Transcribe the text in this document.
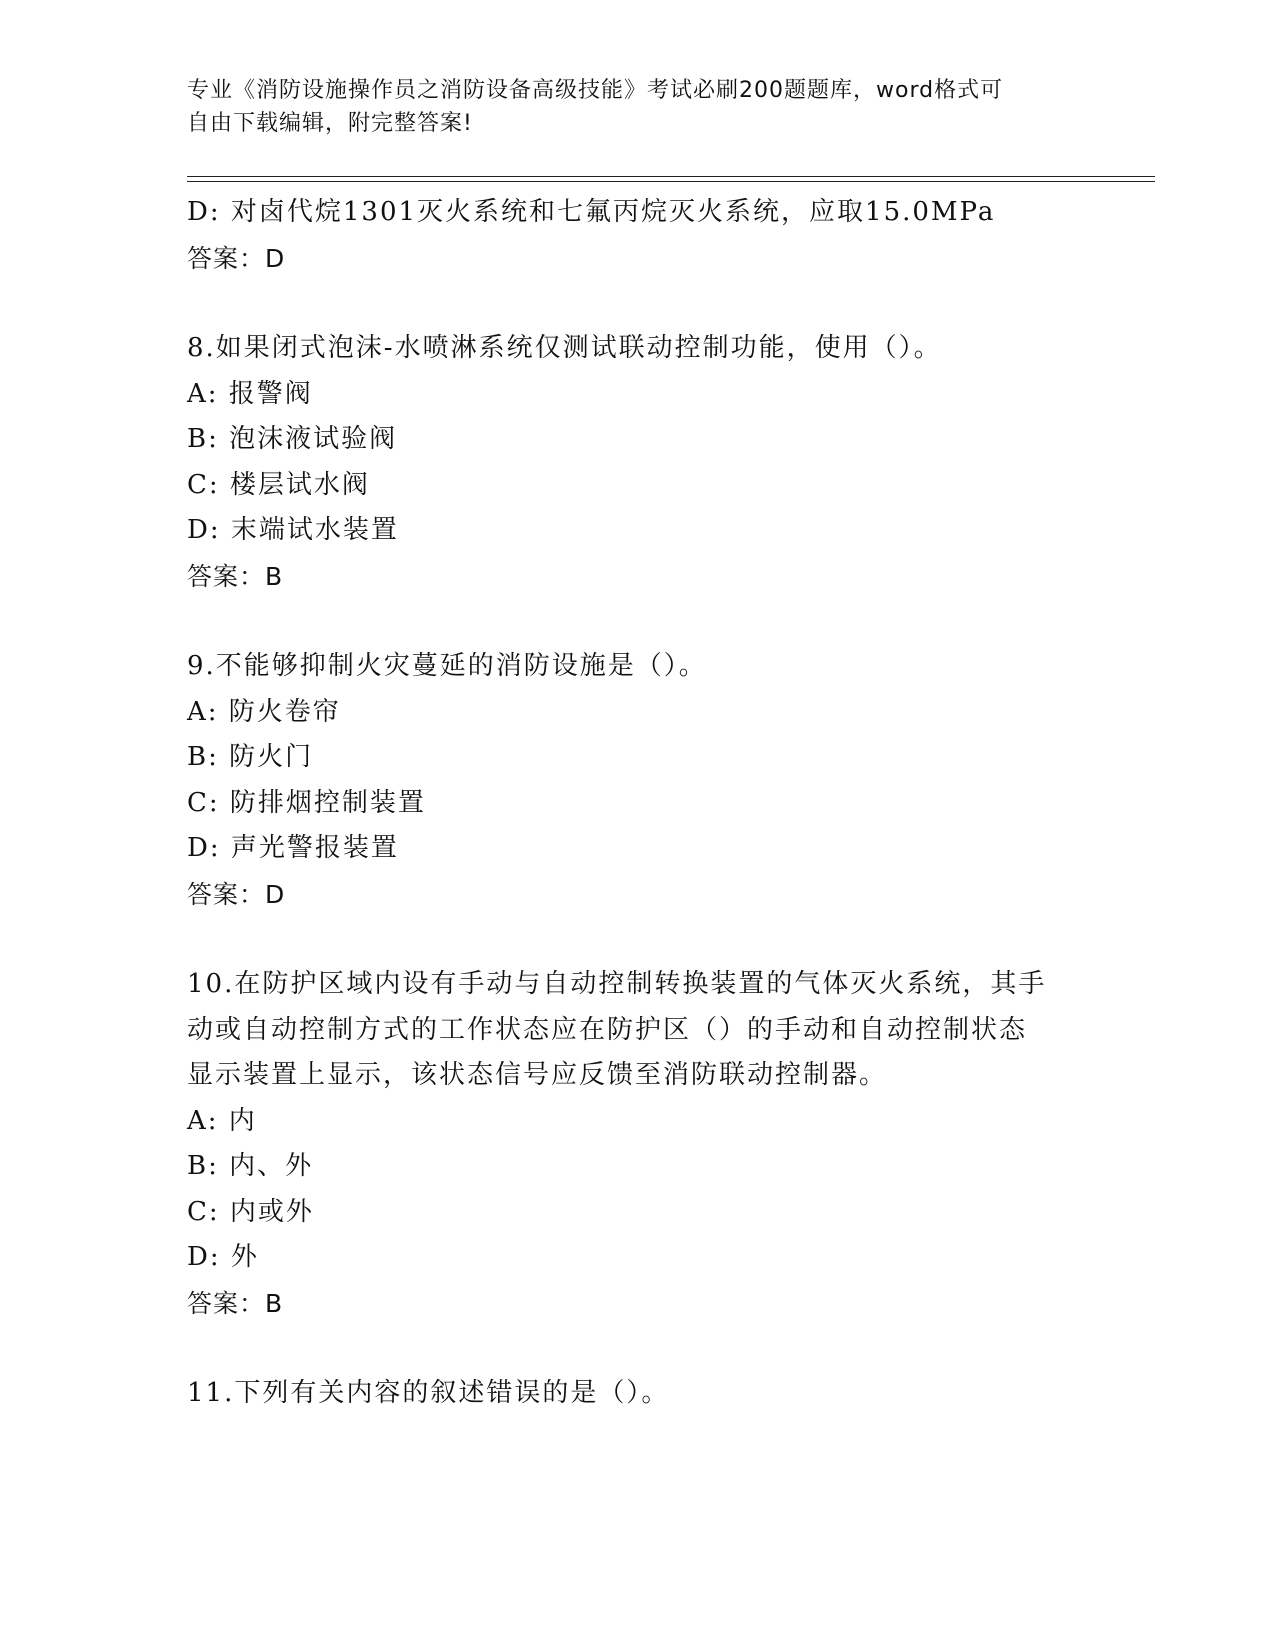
专业《消防设施操作员之消防设备高级技能》考试必刷200题题库，word格式可
自由下载编辑，附完整答案!
D: 对卤代烷1301灭火系统和七氟丙烷灭火系统，应取15.0MPa
答案：D
8.如果闭式泡沫-水喷淋系统仅测试联动控制功能，使用（）。
A: 报警阀
B: 泡沫液试验阀
C: 楼层试水阀
D: 末端试水装置
答案：B
9.不能够抑制火灾蔓延的消防设施是（）。
A: 防火卷帘
B: 防火门
C: 防排烟控制装置
D: 声光警报装置
答案：D
10.在防护区域内设有手动与自动控制转换装置的气体灭火系统，其手
动或自动控制方式的工作状态应在防护区（）的手动和自动控制状态
显示装置上显示，该状态信号应反馈至消防联动控制器。
A: 内
B: 内、外
C: 内或外
D: 外
答案：B
11.下列有关内容的叙述错误的是（）。
